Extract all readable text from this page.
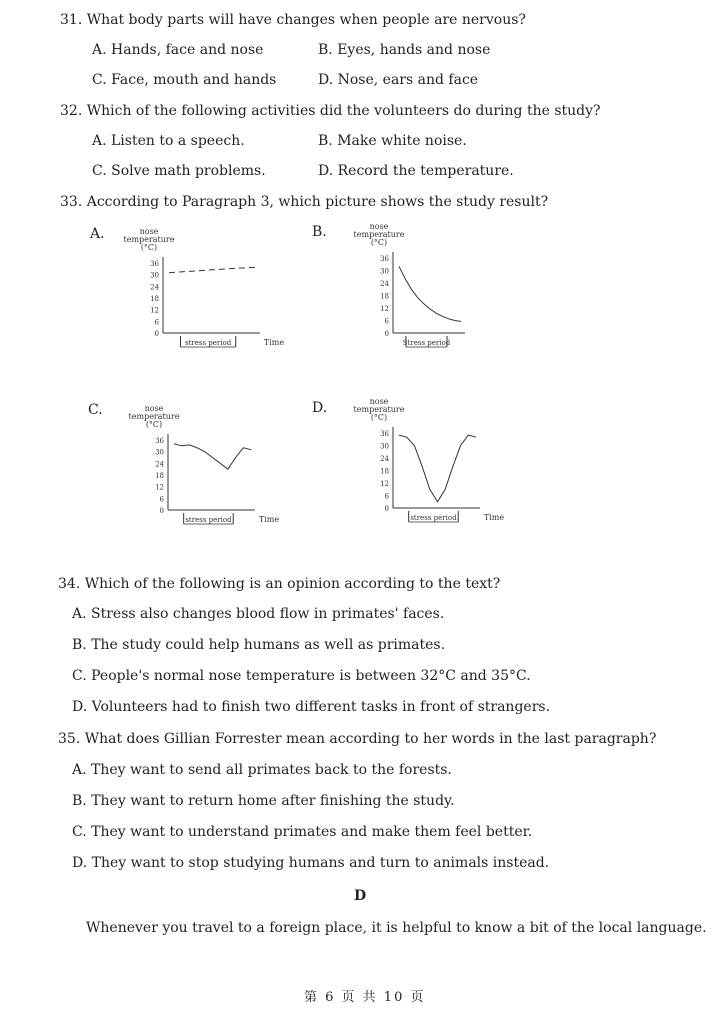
31. What body parts will have changes when people are nervous?
A. Hands, face and nose	B. Eyes, hands and nose
C. Face, mouth and hands	D. Nose, ears and face
32. Which of the following activities did the volunteers do during the study?
A. Listen to a speech.	B. Make white noise.
C. Solve math problems.	D. Record the temperature.
33. According to Paragraph 3, which picture shows the study result?
A.	B.
C.	D.
nose
temperature
(°C)
0
6
12
18
24
30
36
stress period	Time
nose
temperature
(°C)
0
6
12
18
24
30
36
Stress period
nose
temperature
(°C)
0
6
12
18
24
30
36
stress period	Time
nose
temperature
(°C)
0
6
12
18
24
30
36
stress period	Time
34. Which of the following is an opinion according to the text?
A. Stress also changes blood flow in primates' faces.
B. The study could help humans as well as primates.
C. People's normal nose temperature is between 32°C and 35°C.
D. Volunteers had to finish two different tasks in front of strangers.
35. What does Gillian Forrester mean according to her words in the last paragraph?
A. They want to send all primates back to the forests.
B. They want to return home after finishing the study.
C. They want to understand primates and make them feel better.
D. They want to stop studying humans and turn to animals instead.
D
Whenever you travel to a foreign place, it is helpful to know a bit of the local language.
第 6 页 共 10 页
